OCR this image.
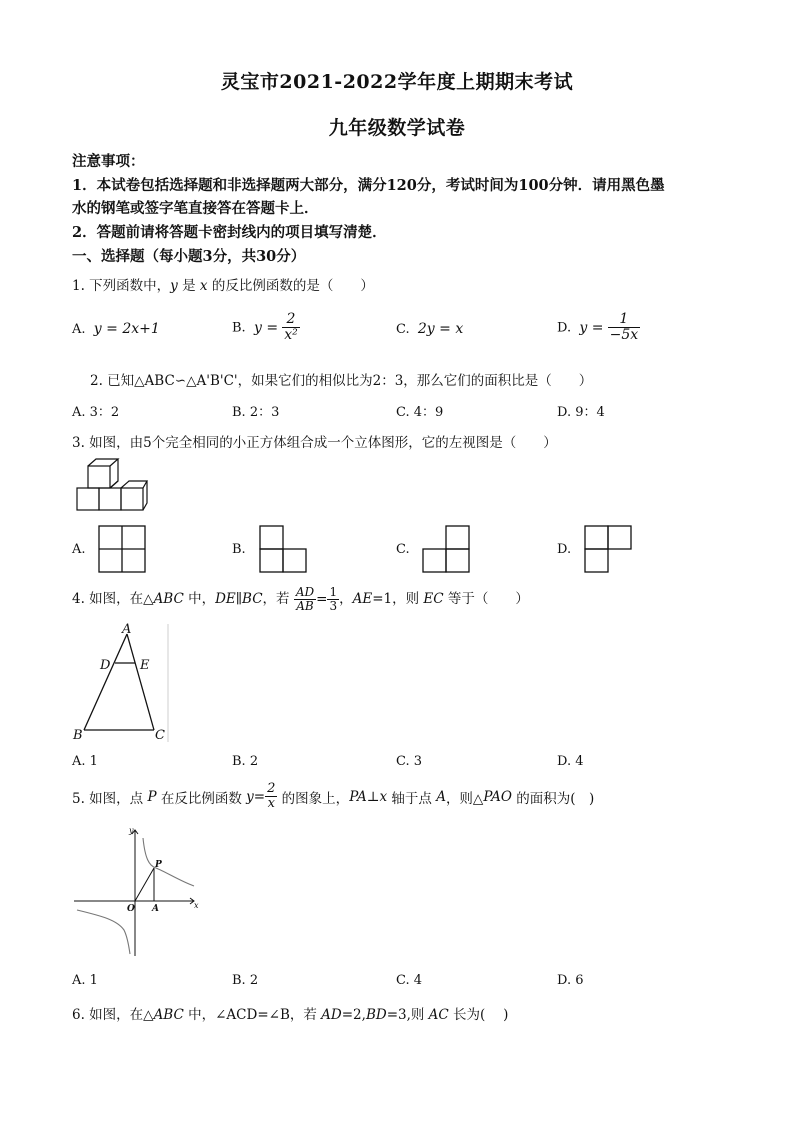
灵宝市2021-2022学年度上期期末考试
九年级数学试卷
注意事项：
1．本试卷包括选择题和非选择题两大部分，满分120分，考试时间为100分钟．请用黑色墨
水的钢笔或签字笔直接答在答题卡上．
2．答题前请将答题卡密封线内的项目填写清楚．
一、选择题（每小题3分，共30分）
1. 下列函数中，y 是 x 的反比例函数的是（　　）
A. y = 2x+1	B. $y = \frac{2}{\text{x²}}$	C. 2y = x	D. $y = \frac{1}{-5x}$
2. 已知△ABC∽△A'B'C'，如果它们的相似比为2：3，那么它们的面积比是（　　）
A. 3：2	B. 2：3	C. 4：9	D. 9：4
3. 如图，由5个完全相同的小正方体组合成一个立体图形，它的左视图是（　　）
A.	B.	C.	D.
4. 如图，在△ABC 中，DE∥BC，若 $\frac{AD}{AB} = \frac{1}{3}$ ，AE=1，则 EC 等于（　　）
A
D E
B	C
A. 1	B. 2	C. 3	D. 4
5. 如图，点 P 在反比例函数 $y= \frac{2}{x}$ 的图象上，PA⊥x 轴于点 A，则△PAO 的面积为(　)
y
x
O
P
A
A. 1	B. 2	C. 4	D. 6
6. 如图，在△ABC 中，∠ACD=∠B，若 AD=2,BD=3,则 AC 长为(　 )
